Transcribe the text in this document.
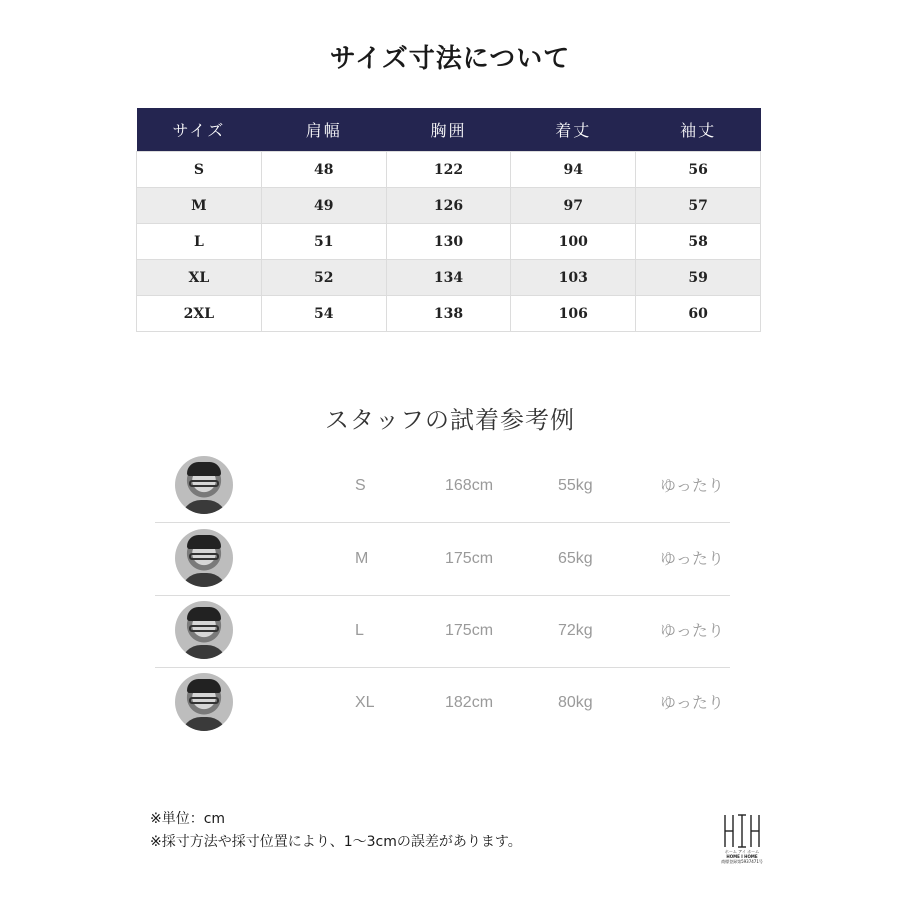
サイズ寸法について
サイズ	肩幅	胸囲	着丈	袖丈
S	48	122	94	56
M	49	126	97	57
L	51	130	100	58
XL	52	134	103	59
2XL	54	138	106	60
スタッフの試着参考例
S	168cm	55kg	ゆったり
M	175cm	65kg	ゆったり
L	175cm	72kg	ゆったり
XL	182cm	80kg	ゆったり
※単位：cm
※採寸方法や採寸位置により、1～3cmの誤差があります。
ホーム アイ ホーム
HOME I HOME
商標登録第5937471号
